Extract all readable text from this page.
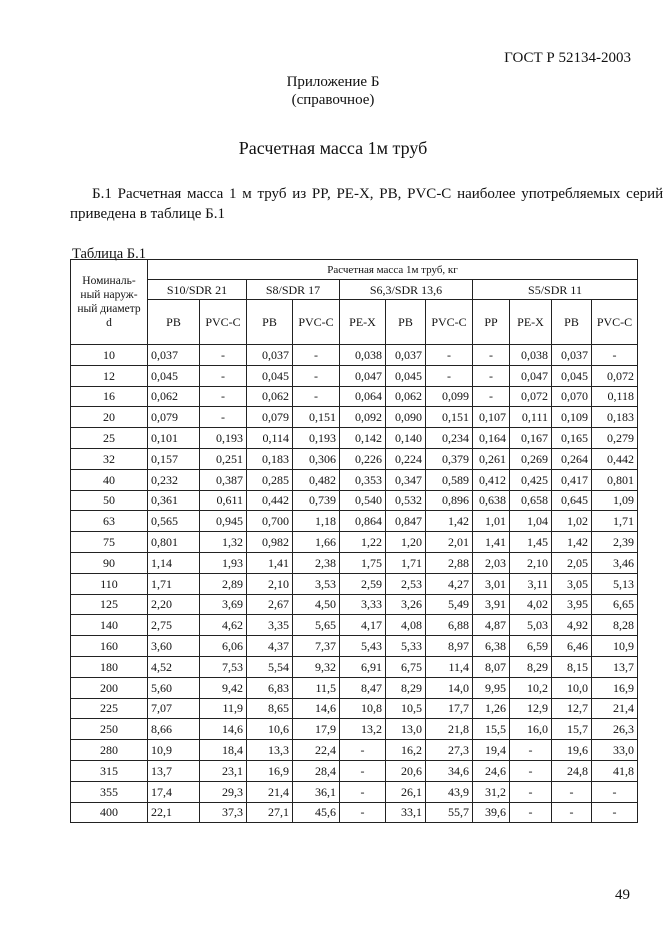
ГОСТ Р 52134-2003
Приложение Б
(справочное)
Расчетная масса 1м труб
Б.1 Расчетная масса 1 м труб из PP, PE-X, PB, PVC-C наиболее употребляемых серий
приведена в таблице Б.1
Таблица Б.1
Номиналь-ный наруж-ный диаметр d	Расчетная масса 1м труб, кг										
	S10/SDR 21		S8/SDR 17		S6,3/SDR 13,6			S5/SDR 11			
	PB	PVC-C	PB	PVC-C	PE-X	PB	PVC-C	PP	PE-X	PB	PVC-C
10	0,037	-	0,037	-	0,038	0,037	-	-	0,038	0,037	-
12	0,045	-	0,045	-	0,047	0,045	-	-	0,047	0,045	0,072
16	0,062	-	0,062	-	0,064	0,062	0,099	-	0,072	0,070	0,118
20	0,079	-	0,079	0,151	0,092	0,090	0,151	0,107	0,111	0,109	0,183
25	0,101	0,193	0,114	0,193	0,142	0,140	0,234	0,164	0,167	0,165	0,279
32	0,157	0,251	0,183	0,306	0,226	0,224	0,379	0,261	0,269	0,264	0,442
40	0,232	0,387	0,285	0,482	0,353	0,347	0,589	0,412	0,425	0,417	0,801
50	0,361	0,611	0,442	0,739	0,540	0,532	0,896	0,638	0,658	0,645	1,09
63	0,565	0,945	0,700	1,18	0,864	0,847	1,42	1,01	1,04	1,02	1,71
75	0,801	1,32	0,982	1,66	1,22	1,20	2,01	1,41	1,45	1,42	2,39
90	1,14	1,93	1,41	2,38	1,75	1,71	2,88	2,03	2,10	2,05	3,46
110	1,71	2,89	2,10	3,53	2,59	2,53	4,27	3,01	3,11	3,05	5,13
125	2,20	3,69	2,67	4,50	3,33	3,26	5,49	3,91	4,02	3,95	6,65
140	2,75	4,62	3,35	5,65	4,17	4,08	6,88	4,87	5,03	4,92	8,28
160	3,60	6,06	4,37	7,37	5,43	5,33	8,97	6,38	6,59	6,46	10,9
180	4,52	7,53	5,54	9,32	6,91	6,75	11,4	8,07	8,29	8,15	13,7
200	5,60	9,42	6,83	11,5	8,47	8,29	14,0	9,95	10,2	10,0	16,9
225	7,07	11,9	8,65	14,6	10,8	10,5	17,7	1,26	12,9	12,7	21,4
250	8,66	14,6	10,6	17,9	13,2	13,0	21,8	15,5	16,0	15,7	26,3
280	10,9	18,4	13,3	22,4	-	16,2	27,3	19,4	-	19,6	33,0
315	13,7	23,1	16,9	28,4	-	20,6	34,6	24,6	-	24,8	41,8
355	17,4	29,3	21,4	36,1	-	26,1	43,9	31,2	-	-	-
400	22,1	37,3	27,1	45,6	-	33,1	55,7	39,6	-	-	-
49
